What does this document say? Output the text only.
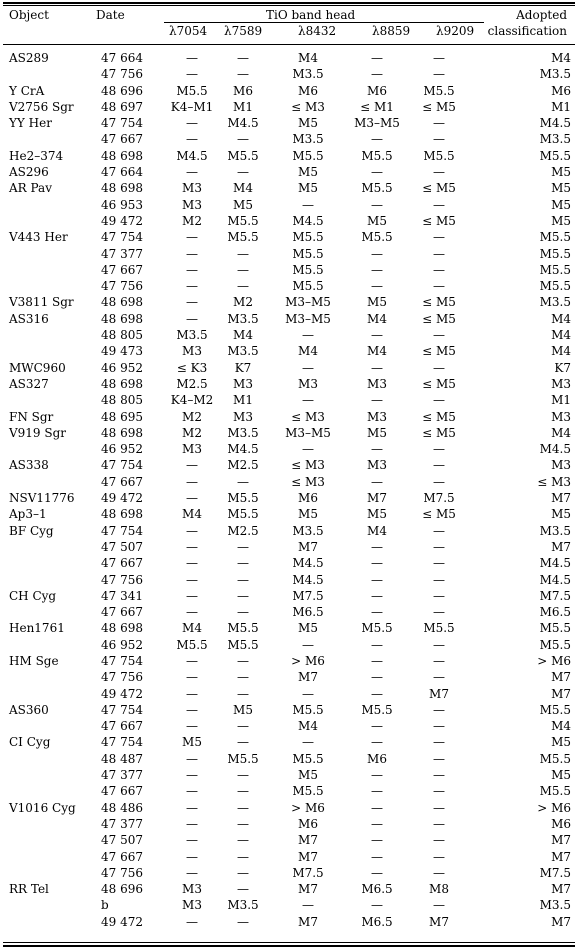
Object	Date	TiO band head	Adopted
classification
λ7054 λ7589	λ8432	λ8859 λ9209
AS289	47 664	—	—	M4	—	—	M4
	47 756	—	—	M3.5	—	—	M3.5
Y CrA	48 696	M5.5	M6	M6	M6	M5.5	M6
V2756 Sgr	48 697	K4–M1	M1	≤ M3	≤ M1	≤ M5	M1
YY Her	47 754	—	M4.5	M5	M3–M5	—	M4.5
	47 667	—	—	M3.5	—	—	M3.5
He2–374	48 698	M4.5	M5.5	M5.5	M5.5	M5.5	M5.5
AS296	47 664	—	—	M5	—	—	M5
AR Pav	48 698	M3	M4	M5	M5.5	≤ M5	M5
	46 953	M3	M5	—	—	—	M5
	49 472	M2	M5.5	M4.5	M5	≤ M5	M5
V443 Her	47 754	—	M5.5	M5.5	M5.5	—	M5.5
	47 377	—	—	M5.5	—	—	M5.5
	47 667	—	—	M5.5	—	—	M5.5
	47 756	—	—	M5.5	—	—	M5.5
V3811 Sgr	48 698	—	M2	M3–M5	M5	≤ M5	M3.5
AS316	48 698	—	M3.5	M3–M5	M4	≤ M5	M4
	48 805	M3.5	M4	—	—	—	M4
	49 473	M3	M3.5	M4	M4	≤ M5	M4
MWC960	46 952	≤ K3	K7	—	—	—	K7
AS327	48 698	M2.5	M3	M3	M3	≤ M5	M3
	48 805	K4–M2	M1	—	—	—	M1
FN Sgr	48 695	M2	M3	≤ M3	M3	≤ M5	M3
V919 Sgr	48 698	M2	M3.5	M3–M5	M5	≤ M5	M4
	46 952	M3	M4.5	—	—	—	M4.5
AS338	47 754	—	M2.5	≤ M3	M3	—	M3
	47 667	—	—	≤ M3	—	—	≤ M3
NSV11776	49 472	—	M5.5	M6	M7	M7.5	M7
Ap3–1	48 698	M4	M5.5	M5	M5	≤ M5	M5
BF Cyg	47 754	—	M2.5	M3.5	M4	—	M3.5
	47 507	—	—	M7	—	—	M7
	47 667	—	—	M4.5	—	—	M4.5
	47 756	—	—	M4.5	—	—	M4.5
CH Cyg	47 341	—	—	M7.5	—	—	M7.5
	47 667	—	—	M6.5	—	—	M6.5
Hen1761	48 698	M4	M5.5	M5	M5.5	M5.5	M5.5
	46 952	M5.5	M5.5	—	—	—	M5.5
HM Sge	47 754	—	—	> M6	—	—	> M6
	47 756	—	—	M7	—	—	M7
	49 472	—	—	—	—	M7	M7
AS360	47 754	—	M5	M5.5	M5.5	—	M5.5
	47 667	—	—	M4	—	—	M4
CI Cyg	47 754	M5	—	—	—	—	M5
	48 487	—	M5.5	M5.5	M6	—	M5.5
	47 377	—	—	M5	—	—	M5
	47 667	—	—	M5.5	—	—	M5.5
V1016 Cyg	48 486	—	—	> M6	—	—	> M6
	47 377	—	—	M6	—	—	M6
	47 507	—	—	M7	—	—	M7
	47 667	—	—	M7	—	—	M7
	47 756	—	—	M7.5	—	—	M7.5
RR Tel	48 696	M3	—	M7	M6.5	M8	M7
	b	M3	M3.5	—	—	—	M3.5
	49 472	—	—	M7	M6.5	M7	M7
